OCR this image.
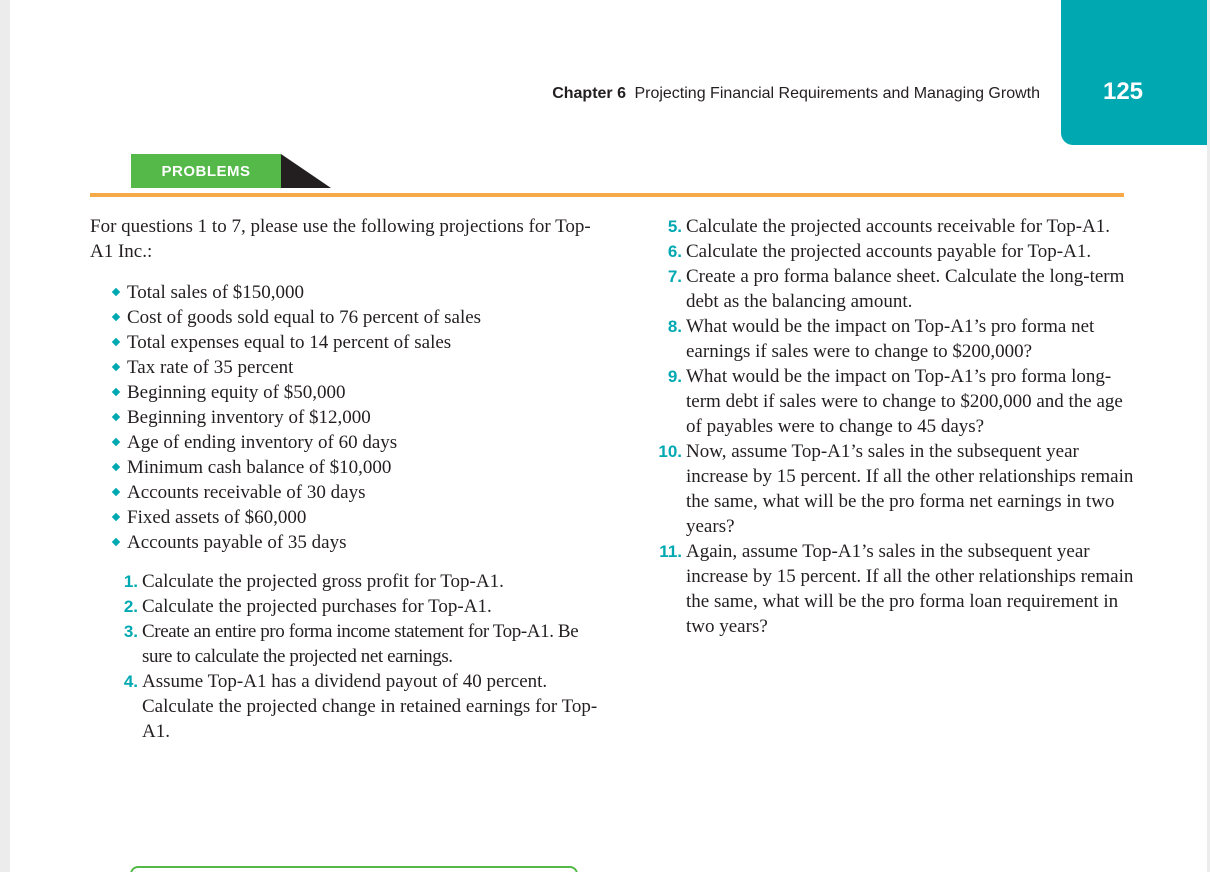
125
Chapter 6 Projecting Financial Requirements and Managing Growth
PROBLEMS

For questions 1 to 7, please use the following projections for Top-A1 Inc.:

Total sales of $150,000
Cost of goods sold equal to 76 percent of sales
Total expenses equal to 14 percent of sales
Tax rate of 35 percent
Beginning equity of $50,000
Beginning inventory of $12,000
Age of ending inventory of 60 days
Minimum cash balance of $10,000
Accounts receivable of 30 days
Fixed assets of $60,000
Accounts payable of 35 days
1. Calculate the projected gross profit for Top-A1.
2. Calculate the projected purchases for Top-A1.
3. Create an entire pro forma income statement for Top-A1. Be sure to calculate the projected net earnings.
4. Assume Top-A1 has a dividend payout of 40 percent. Calculate the projected change in retained earnings for Top-A1.
5. Calculate the projected accounts receivable for Top-A1.
6. Calculate the projected accounts payable for Top-A1.
7. Create a pro forma balance sheet. Calculate the long-term debt as the balancing amount.
8. What would be the impact on Top-A1’s pro forma net earnings if sales were to change to $200,000?
9. What would be the impact on Top-A1’s pro forma long-term debt if sales were to change to $200,000 and the age of payables were to change to 45 days?
10. Now, assume Top-A1’s sales in the subsequent year increase by 15 percent. If all the other relationships remain the same, what will be the pro forma net earnings in two years?
11. Again, assume Top-A1’s sales in the subsequent year increase by 15 percent. If all the other relationships remain the same, what will be the pro forma loan requirement in two years?
